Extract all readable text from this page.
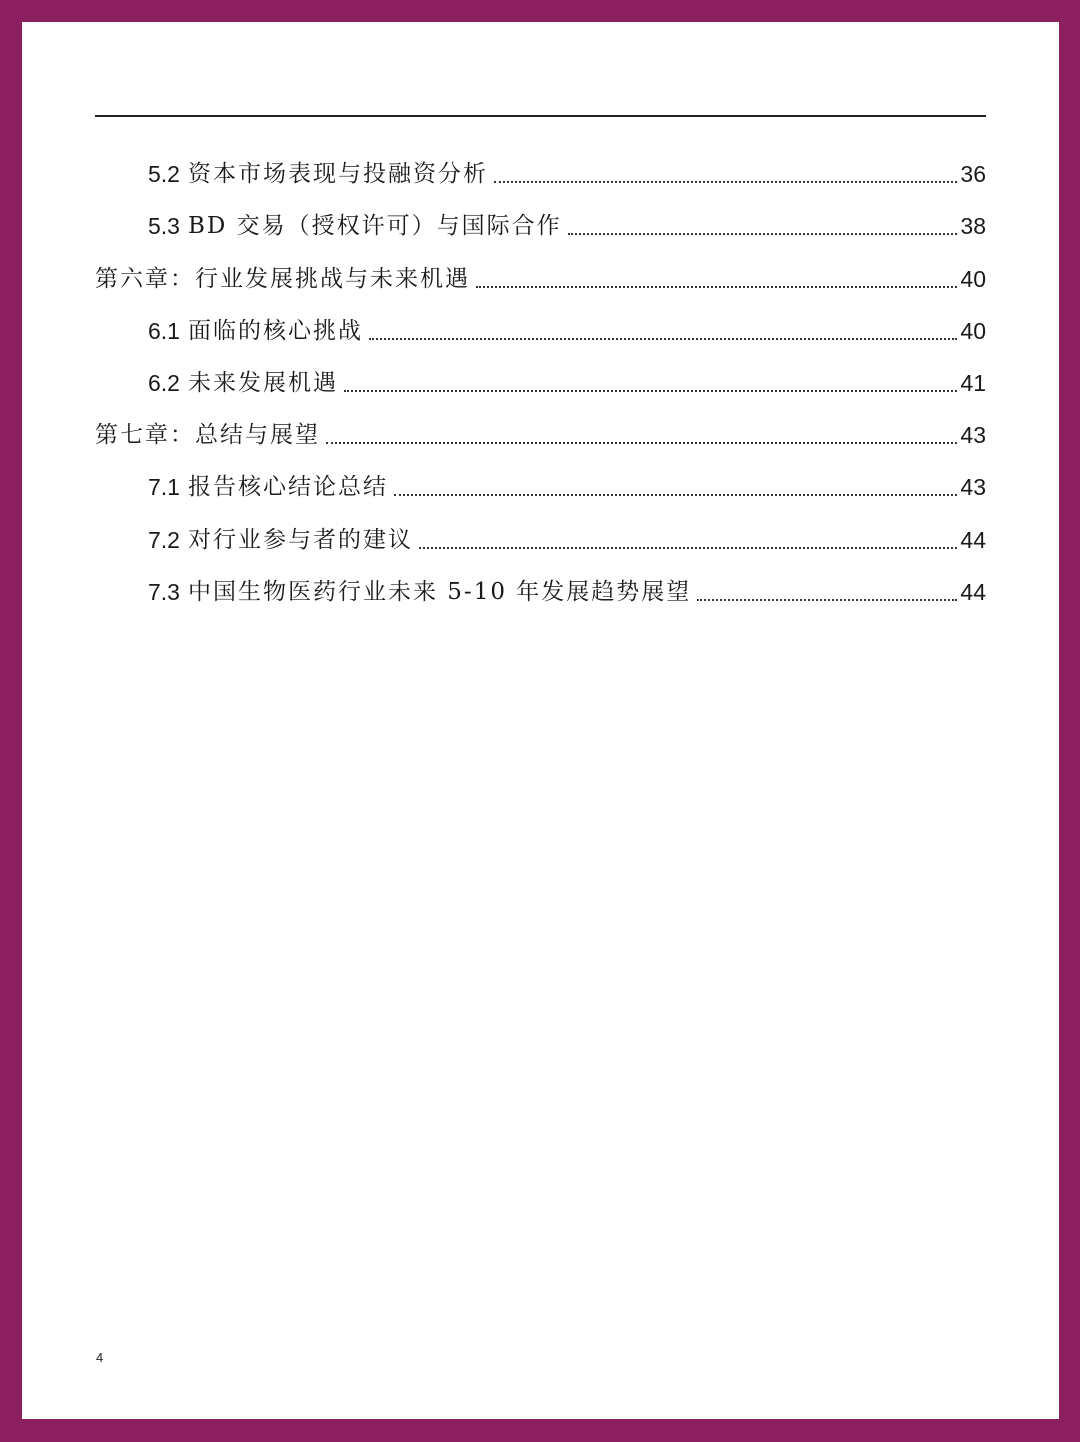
5.2 资本市场表现与投融资分析	36
5.3 BD 交易（授权许可）与国际合作	38
第六章：行业发展挑战与未来机遇	40
6.1 面临的核心挑战	40
6.2 未来发展机遇	41
第七章：总结与展望	43
7.1 报告核心结论总结	43
7.2 对行业参与者的建议	44
7.3 中国生物医药行业未来 5-10 年发展趋势展望	44
4
